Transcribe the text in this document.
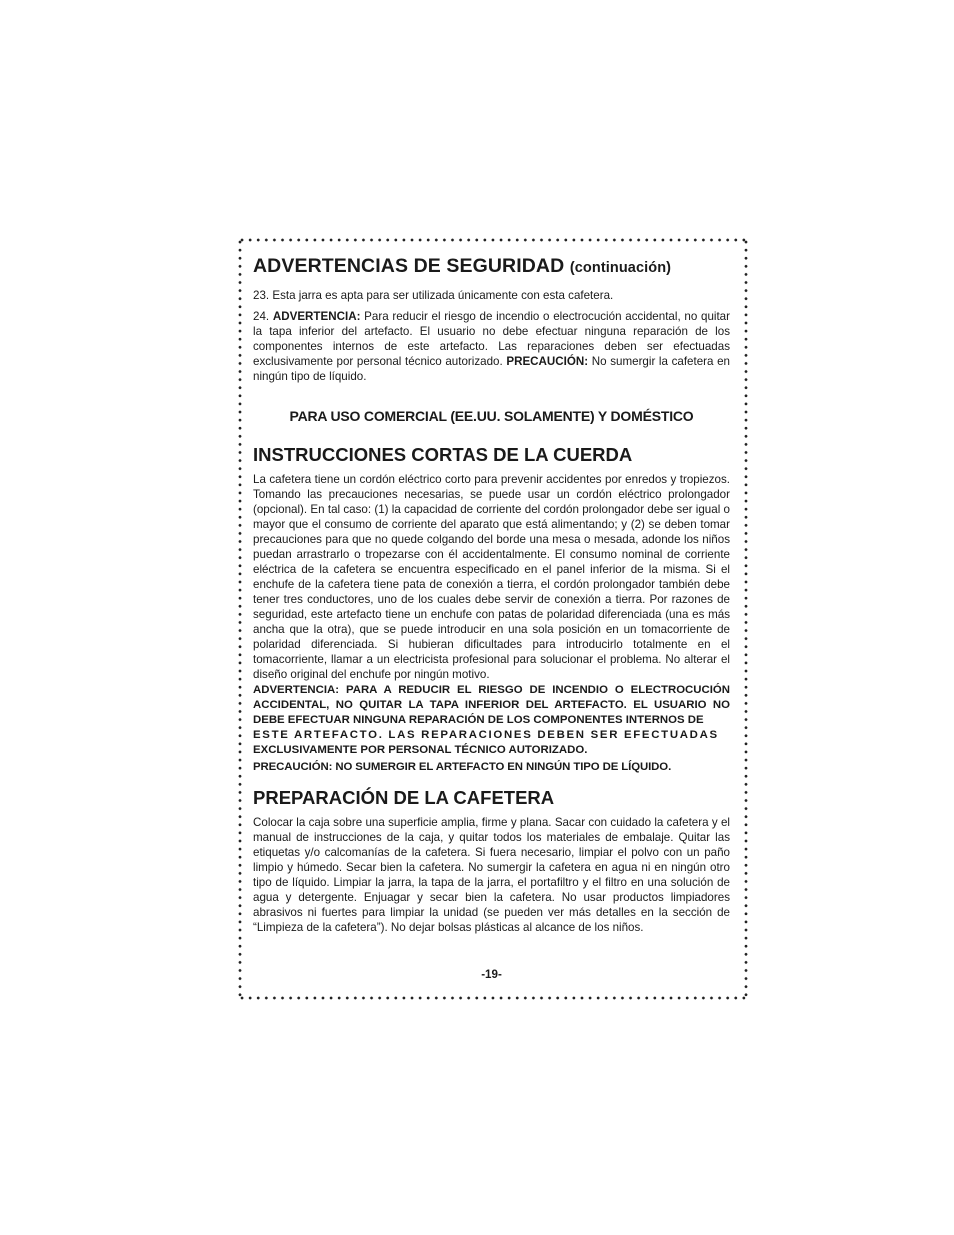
ADVERTENCIAS DE SEGURIDAD (continuación)

23. Esta jarra es apta para ser utilizada únicamente con esta cafetera.

24. ADVERTENCIA: Para reducir el riesgo de incendio o electrocución accidental, no quitar la tapa inferior del artefacto. El usuario no debe efectuar ninguna reparación de los componentes internos de este artefacto. Las reparaciones deben ser efectuadas exclusivamente por personal técnico autorizado. PRECAUCIÓN: No sumergir la cafetera en ningún tipo de líquido.

PARA USO COMERCIAL (EE.UU. SOLAMENTE) Y DOMÉSTICO
INSTRUCCIONES CORTAS DE LA CUERDA

La cafetera tiene un cordón eléctrico corto para prevenir accidentes por enredos y tropiezos. Tomando las precauciones necesarias, se puede usar un cordón eléctrico prolongador (opcional). En tal caso: (1) la capacidad de corriente del cordón prolongador debe ser igual o mayor que el consumo de corriente del aparato que está alimentando; y (2) se deben tomar precauciones para que no quede colgando del borde una mesa o mesada, adonde los niños puedan arrastrarlo o tropezarse con él accidentalmente. El consumo nominal de corriente eléctrica de la cafetera se encuentra especificado en el panel inferior de la misma. Si el enchufe de la cafetera tiene pata de conexión a tierra, el cordón prolongador también debe tener tres conductores, uno de los cuales debe servir de conexión a tierra. Por razones de seguridad, este artefacto tiene un enchufe con patas de polaridad diferenciada (una es más ancha que la otra), que se puede introducir en una sola posición en un tomacorriente de polaridad diferenciada. Si hubieran dificultades para introducirlo totalmente en el tomacorriente, llamar a un electricista profesional para solucionar el problema. No alterar el diseño original del enchufe por ningún motivo.

ADVERTENCIA: PARA A REDUCIR EL RIESGO DE INCENDIO O ELECTROCUCIÓN ACCIDENTAL, NO QUITAR LA TAPA INFERIOR DEL ARTEFACTO. EL USUARIO NO DEBE EFECTUAR NINGUNA REPARACIÓN DE LOS COMPONENTES INTERNOS DE
ESTE ARTEFACTO. LAS REPARACIONES DEBEN SER EFECTUADAS
EXCLUSIVAMENTE POR PERSONAL TÉCNICO AUTORIZADO.
PRECAUCIÓN: NO SUMERGIR EL ARTEFACTO EN NINGÚN TIPO DE LÍQUIDO.
PREPARACIÓN DE LA CAFETERA

Colocar la caja sobre una superficie amplia, firme y plana. Sacar con cuidado la cafetera y el manual de instrucciones de la caja, y quitar todos los materiales de embalaje. Quitar las etiquetas y/o calcomanías de la cafetera. Si fuera necesario, limpiar el polvo con un paño limpio y húmedo. Secar bien la cafetera. No sumergir la cafetera en agua ni en ningún otro tipo de líquido. Limpiar la jarra, la tapa de la jarra, el portafiltro y el filtro en una solución de agua y detergente. Enjuagar y secar bien la cafetera. No usar productos limpiadores abrasivos ni fuertes para limpiar la unidad (se pueden ver más detalles en la sección de “Limpieza de la cafetera”). No dejar bolsas plásticas al alcance de los niños.

-19-
